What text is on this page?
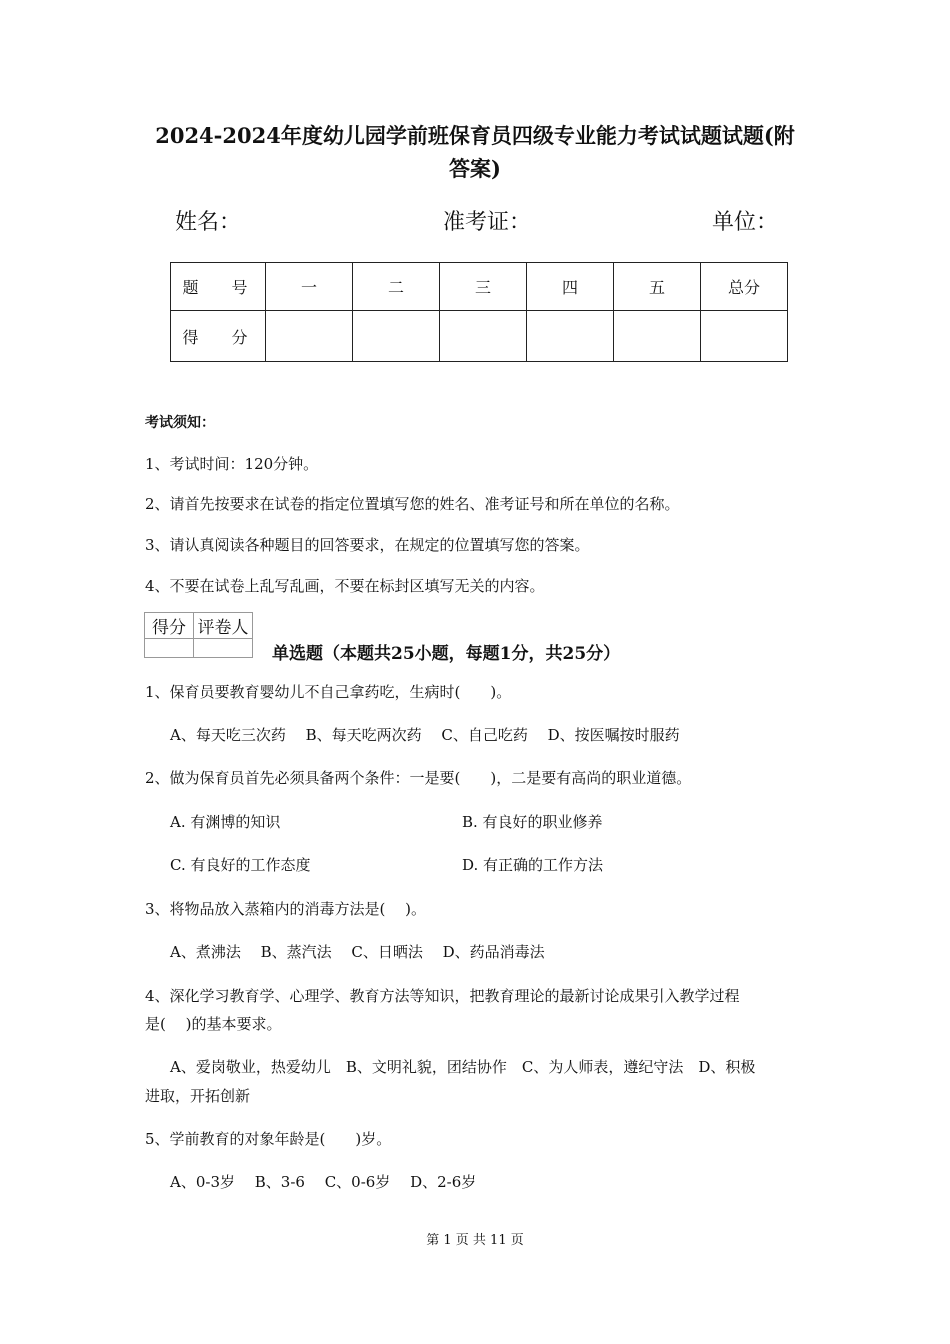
2024-2024年度幼儿园学前班保育员四级专业能力考试试题试题(附
答案)
姓名：	准考证：	单位：
题 号	一	二	三	四	五	总分
得 分						
考试须知：
1、考试时间：120分钟。
2、请首先按要求在试卷的指定位置填写您的姓名、准考证号和所在单位的名称。
3、请认真阅读各种题目的回答要求，在规定的位置填写您的答案。
4、不要在试卷上乱写乱画，不要在标封区填写无关的内容。
得分	评卷人

单选题（本题共25小题，每题1分，共25分）
1、保育员要教育婴幼儿不自己拿药吃，生病时(　　)。
A、每天吃三次药　 B、每天吃两次药　 C、自己吃药　 D、按医嘱按时服药
2、做为保育员首先必须具备两个条件：一是要(　　)，二是要有高尚的职业道德。
A. 有渊博的知识	B. 有良好的职业修养
C. 有良好的工作态度	D. 有正确的工作方法
3、将物品放入蒸箱内的消毒方法是(　 )。
A、煮沸法　 B、蒸汽法　 C、日晒法　 D、药品消毒法
4、深化学习教育学、心理学、教育方法等知识，把教育理论的最新讨论成果引入教学过程
是(　 )的基本要求。
A、爱岗敬业，热爱幼儿　B、文明礼貌，团结协作　C、为人师表，遵纪守法　D、积极
进取，开拓创新
5、学前教育的对象年龄是(　　)岁。
A、0-3岁　 B、3-6　 C、0-6岁　 D、2-6岁
第 1 页 共 11 页
